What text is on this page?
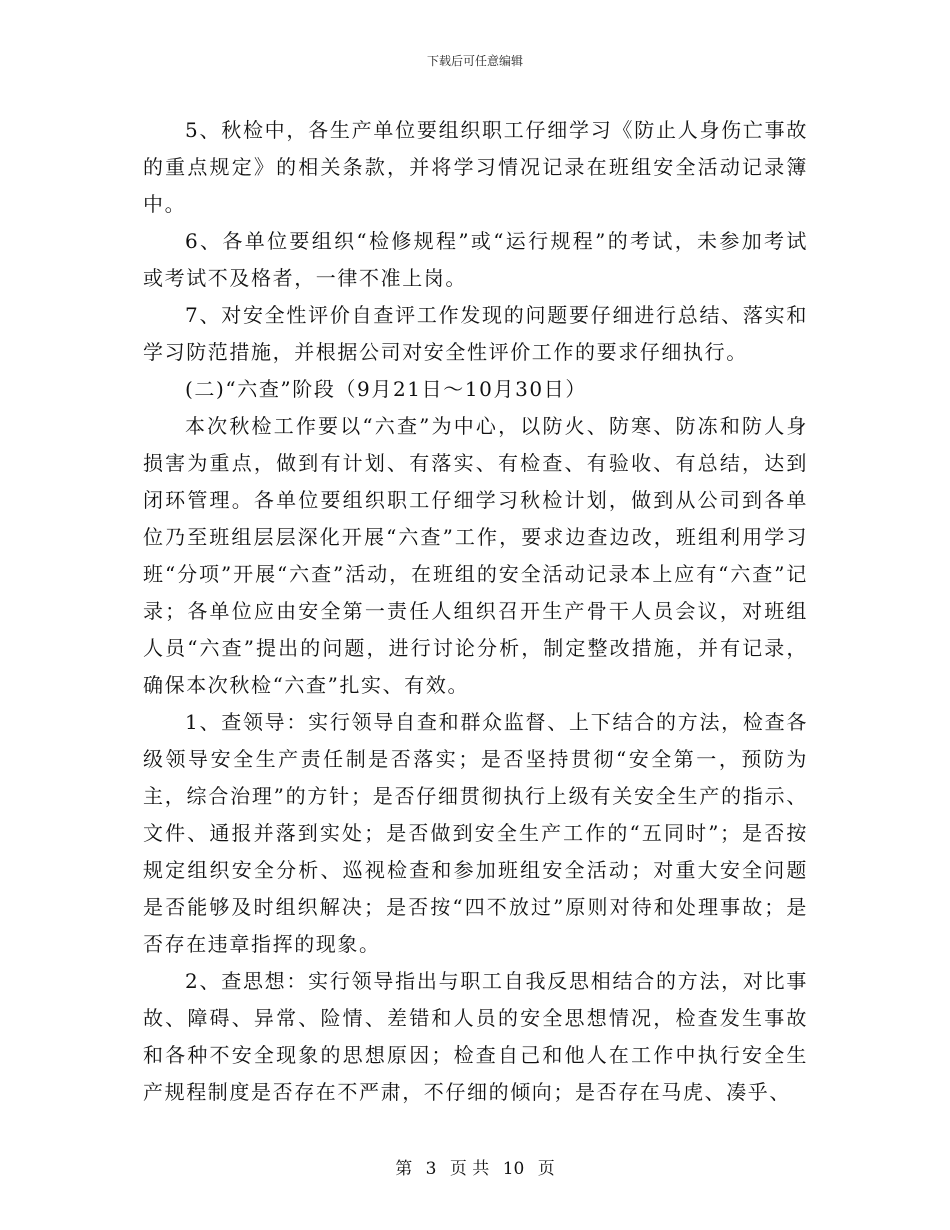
下载后可任意编辑

5、秋检中，各生产单位要组织职工仔细学习《防止人身伤亡事故的重点规定》的相关条款，并将学习情况记录在班组安全活动记录簿中。

6、各单位要组织“检修规程”或“运行规程”的考试，未参加考试或考试不及格者，一律不准上岗。

7、对安全性评价自查评工作发现的问题要仔细进行总结、落实和学习防范措施，并根据公司对安全性评价工作的要求仔细执行。

(二)“六查”阶段（9月21日～10月30日）

本次秋检工作要以“六查”为中心，以防火、防寒、防冻和防人身损害为重点，做到有计划、有落实、有检查、有验收、有总结，达到闭环管理。各单位要组织职工仔细学习秋检计划，做到从公司到各单位乃至班组层层深化开展“六查”工作，要求边查边改，班组利用学习班“分项”开展“六查”活动，在班组的安全活动记录本上应有“六查”记录；各单位应由安全第一责任人组织召开生产骨干人员会议，对班组人员“六查”提出的问题，进行讨论分析，制定整改措施，并有记录，确保本次秋检“六查”扎实、有效。

1、查领导：实行领导自查和群众监督、上下结合的方法，检查各级领导安全生产责任制是否落实；是否坚持贯彻“安全第一，预防为主，综合治理”的方针；是否仔细贯彻执行上级有关安全生产的指示、文件、通报并落到实处；是否做到安全生产工作的“五同时”；是否按规定组织安全分析、巡视检查和参加班组安全活动；对重大安全问题是否能够及时组织解决；是否按“四不放过”原则对待和处理事故；是否存在违章指挥的现象。

2、查思想：实行领导指出与职工自我反思相结合的方法，对比事故、障碍、异常、险情、差错和人员的安全思想情况，检查发生事故和各种不安全现象的思想原因；检查自己和他人在工作中执行安全生产规程制度是否存在不严肃，不仔细的倾向；是否存在马虎、凑乎、

第 3 页 共 10 页
